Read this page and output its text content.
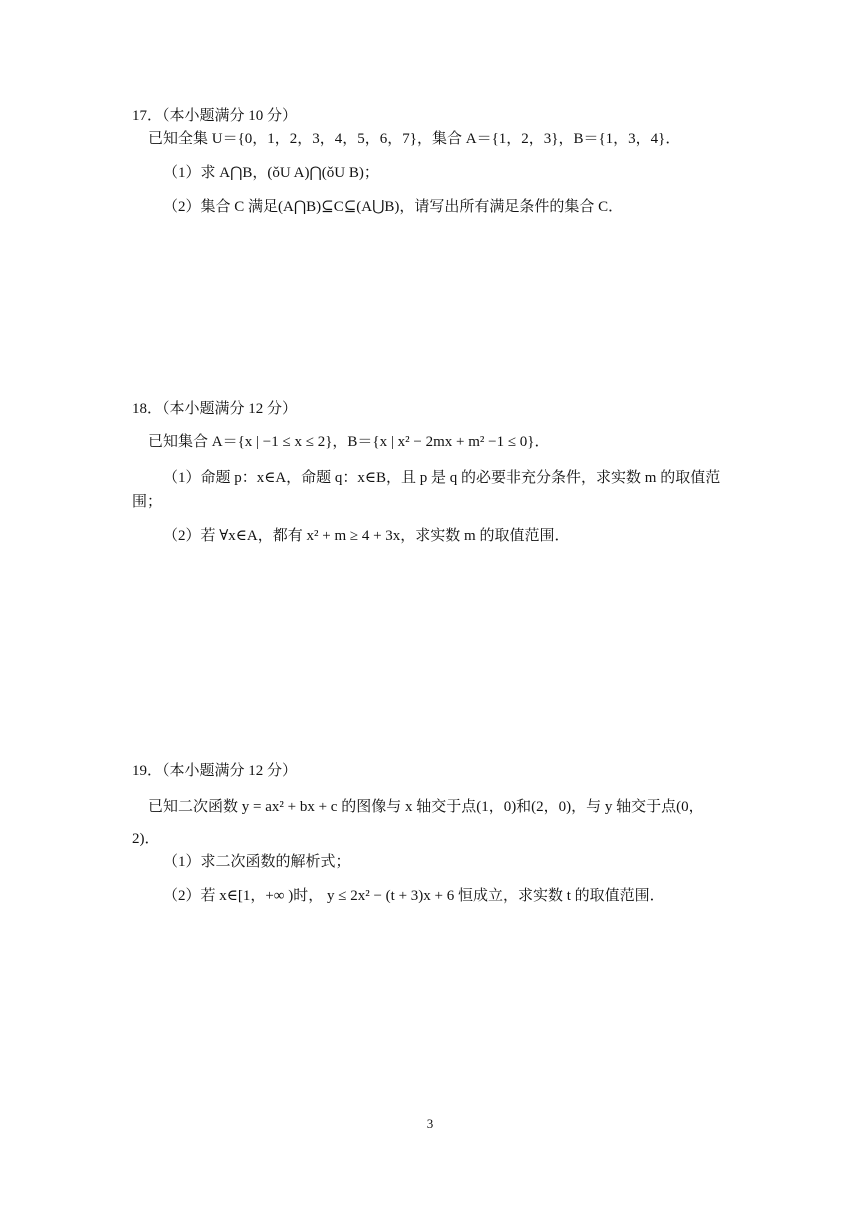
17．（本小题满分 10 分）
已知全集 U＝{0，1，2，3，4，5，6，7}，集合 A＝{1，2，3}，B＝{1，3，4}．
（1）求 A⋂B，(ǒU A)⋂(ǒU B)；
（2）集合 C 满足(A⋂B)⊆C⊆(A⋃B)，请写出所有满足条件的集合 C．
18．（本小题满分 12 分）
已知集合 A＝{x | −1 ≤ x ≤ 2}，B＝{x | x² − 2mx + m² −1 ≤ 0}．
（1）命题 p：x∈A，命题 q：x∈B，且 p 是 q 的必要非充分条件，求实数 m 的取值范
围；
（2）若 ∀x∈A，都有 x² + m ≥ 4 + 3x，求实数 m 的取值范围．
19．（本小题满分 12 分）
已知二次函数 y = ax² + bx + c 的图像与 x 轴交于点(1，0)和(2，0)，与 y 轴交于点(0，
2)．
（1）求二次函数的解析式；
（2）若 x∈[1，+∞ )时， y ≤ 2x² − (t + 3)x + 6 恒成立，求实数 t 的取值范围．
3
